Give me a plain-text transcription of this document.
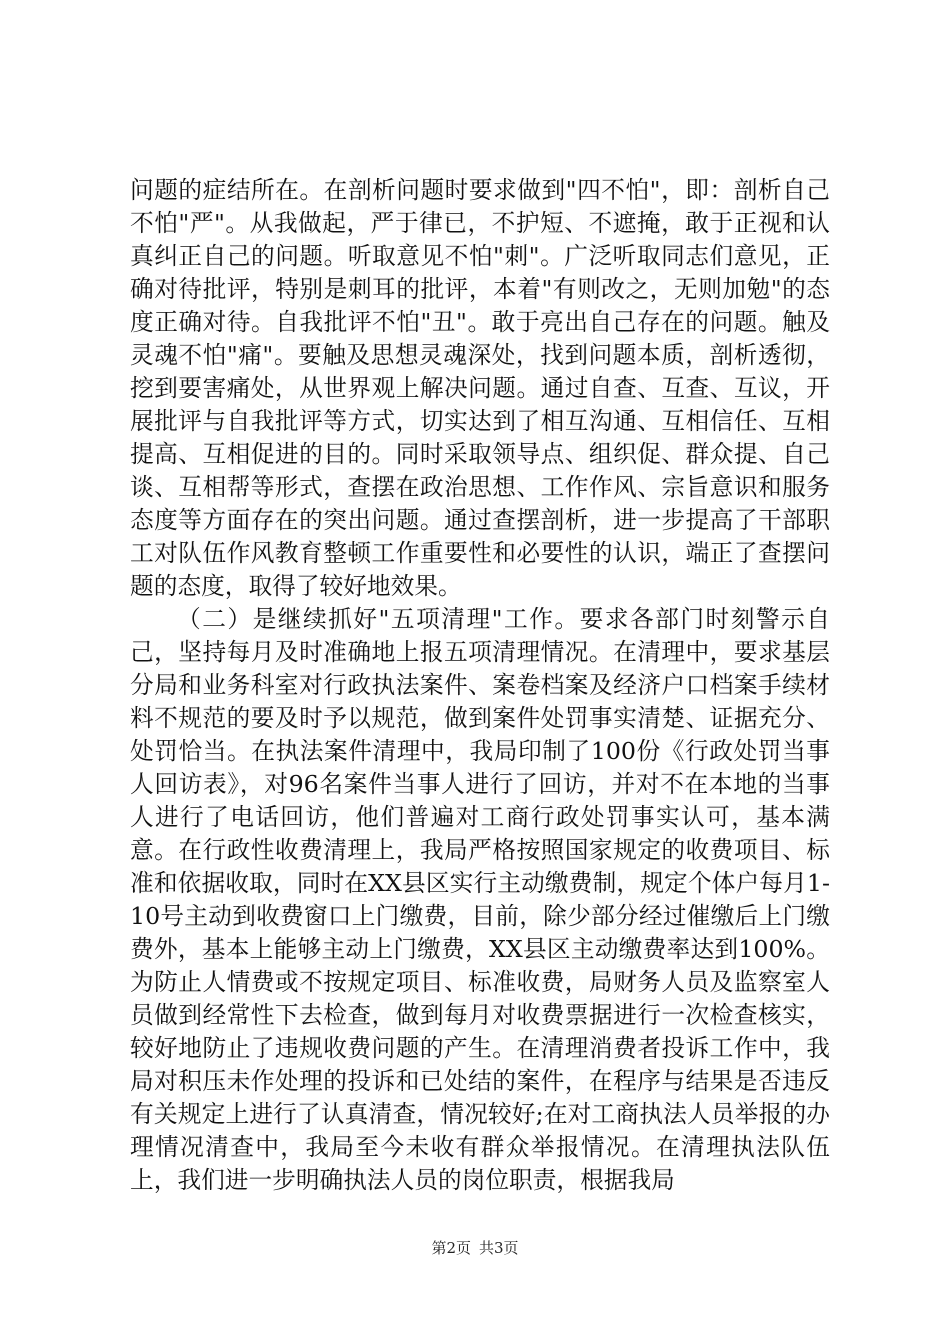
问题的症结所在。在剖析问题时要求做到"四不怕"，即：剖析自己不怕"严"。从我做起，严于律已，不护短、不遮掩，敢于正视和认真纠正自己的问题。听取意见不怕"刺"。广泛听取同志们意见，正确对待批评，特别是刺耳的批评，本着"有则改之，无则加勉"的态度正确对待。自我批评不怕"丑"。敢于亮出自己存在的问题。触及灵魂不怕"痛"。要触及思想灵魂深处，找到问题本质，剖析透彻，挖到要害痛处，从世界观上解决问题。通过自查、互查、互议，开展批评与自我批评等方式，切实达到了相互沟通、互相信任、互相提高、互相促进的目的。同时采取领导点、组织促、群众提、自己谈、互相帮等形式，查摆在政治思想、工作作风、宗旨意识和服务态度等方面存在的突出问题。通过查摆剖析，进一步提高了干部职工对队伍作风教育整顿工作重要性和必要性的认识，端正了查摆问题的态度，取得了较好地效果。

（二）是继续抓好"五项清理"工作。要求各部门时刻警示自己，坚持每月及时准确地上报五项清理情况。在清理中，要求基层分局和业务科室对行政执法案件、案卷档案及经济户口档案手续材料不规范的要及时予以规范，做到案件处罚事实清楚、证据充分、处罚恰当。在执法案件清理中，我局印制了100份《行政处罚当事人回访表》，对96名案件当事人进行了回访，并对不在本地的当事人进行了电话回访，他们普遍对工商行政处罚事实认可，基本满意。在行政性收费清理上，我局严格按照国家规定的收费项目、标准和依据收取，同时在XX县区实行主动缴费制，规定个体户每月1-10号主动到收费窗口上门缴费，目前，除少部分经过催缴后上门缴费外，基本上能够主动上门缴费，XX县区主动缴费率达到100%。为防止人情费或不按规定项目、标准收费，局财务人员及监察室人员做到经常性下去检查，做到每月对收费票据进行一次检查核实，较好地防止了违规收费问题的产生。在清理消费者投诉工作中，我局对积压未作处理的投诉和已处结的案件，在程序与结果是否违反有关规定上进行了认真清查，情况较好;在对工商执法人员举报的办理情况清查中，我局至今未收有群众举报情况。在清理执法队伍上，我们进一步明确执法人员的岗位职责，根据我局

第2页 共3页
